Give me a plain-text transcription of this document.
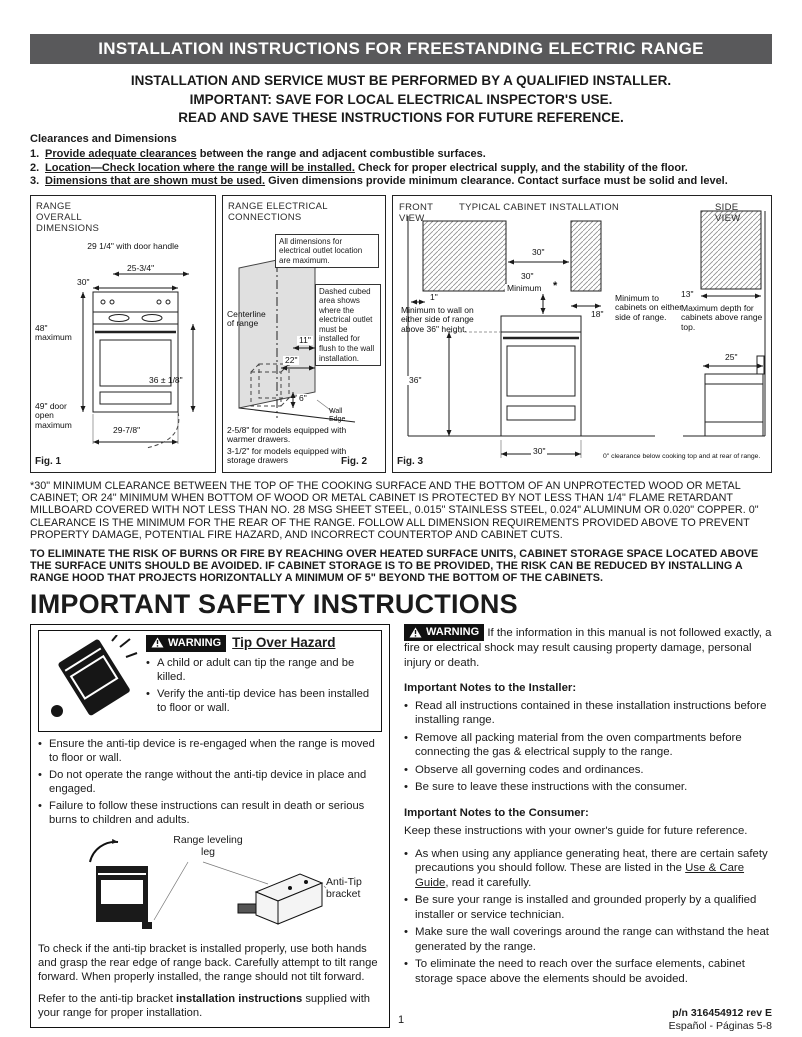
INSTALLATION INSTRUCTIONS FOR FREESTANDING ELECTRIC RANGE
INSTALLATION AND SERVICE MUST BE PERFORMED BY A QUALIFIED INSTALLER.
IMPORTANT: SAVE FOR LOCAL ELECTRICAL INSPECTOR'S USE.
READ AND SAVE THESE INSTRUCTIONS FOR FUTURE REFERENCE.
Clearances and Dimensions
1. Provide adequate clearances between the range and adjacent combustible surfaces.
2. Location—Check location where the range will be installed. Check for proper electrical supply, and the stability of the floor.
3. Dimensions that are shown must be used. Given dimensions provide minimum clearance. Contact surface must be solid and level.
RANGE OVERALL DIMENSIONS
29 1/4" with door handle
25-3/4"
30"
48" maximum
36 ± 1/8"
49" door open maximum	29-7/8"
Fig. 1
RANGE ELECTRICAL CONNECTIONS
All dimensions for electrical outlet location are maximum.
Dashed cubed area shows where the electrical outlet must be installed for flush to the wall installation.
Centerline of range
11"
22"
6"
Wall Edge
2-5/8" for models equipped with warmer drawers.
3-1/2" for models equipped with storage drawers	Fig. 2
FRONT VIEW
TYPICAL CABINET INSTALLATION	SIDE VIEW
30"
30"
Minimum *
1"
18"
Minimum to wall on either side of range above 36" height.
Minimum to cabinets on either side of range.
13"
Maximum depth for cabinets above range top.
25"
36"
30"
0" clearance below cooking top and at rear of range.
Fig. 3

*30" MINIMUM CLEARANCE BETWEEN THE TOP OF THE COOKING SURFACE AND THE BOTTOM OF AN UNPROTECTED WOOD OR METAL CABINET; OR 24" MINIMUM WHEN BOTTOM OF WOOD OR METAL CABINET IS PROTECTED BY NOT LESS THAN 1/4" FLAME RETARDANT MILLBOARD COVERED WITH NOT LESS THAN NO. 28 MSG SHEET STEEL, 0.015" STAINLESS STEEL, 0.024" ALUMINUM OR 0.020" COPPER. 0" CLEARANCE IS THE MINIMUM FOR THE REAR OF THE RANGE. FOLLOW ALL DIMENSION REQUIREMENTS PROVIDED ABOVE TO PREVENT PROPERTY DAMAGE, POTENTIAL FIRE HAZARD, AND INCORRECT COUNTERTOP AND CABINET CUTS.

TO ELIMINATE THE RISK OF BURNS OR FIRE BY REACHING OVER HEATED SURFACE UNITS, CABINET STORAGE SPACE LOCATED ABOVE THE SURFACE UNITS SHOULD BE AVOIDED. IF CABINET STORAGE IS TO BE PROVIDED, THE RISK CAN BE REDUCED BY INSTALLING A RANGE HOOD THAT PROJECTS HORIZONTALLY A MINIMUM OF 5" BEYOND THE BOTTOM OF THE CABINETS.

IMPORTANT SAFETY INSTRUCTIONS
WARNING Tip Over Hazard
• A child or adult can tip the range and be killed.
• Verify the anti-tip device has been installed to floor or wall.
• Ensure the anti-tip device is re-engaged when the range is moved to floor or wall.
• Do not operate the range without the anti-tip device in place and engaged.
• Failure to follow these instructions can result in death or serious burns to children and adults.
Range leveling leg
Anti-Tip bracket

To check if the anti-tip bracket is installed properly, use both hands and grasp the rear edge of range back. Carefully attempt to tilt range forward. When properly installed, the range should not tilt forward.

Refer to the anti-tip bracket installation instructions supplied with your range for proper installation.

WARNING If the information in this manual is not followed exactly, a fire or electrical shock may result causing property damage, personal injury or death.

Important Notes to the Installer:
• Read all instructions contained in these installation instructions before installing range.
• Remove all packing material from the oven compartments before connecting the gas & electrical supply to the range.
• Observe all governing codes and ordinances.
• Be sure to leave these instructions with the consumer.
Important Notes to the Consumer:

Keep these instructions with your owner's guide for future reference.

• As when using any appliance generating heat, there are certain safety precautions you should follow. These are listed in the Use & Care Guide, read it carefully.
• Be sure your range is installed and grounded properly by a qualified installer or service technician.
• Make sure the wall coverings around the range can withstand the heat generated by the range.
• To eliminate the need to reach over the surface elements, cabinet storage space above the elements should be avoided.
1
p/n 316454912 rev E
Español - Páginas 5-8
